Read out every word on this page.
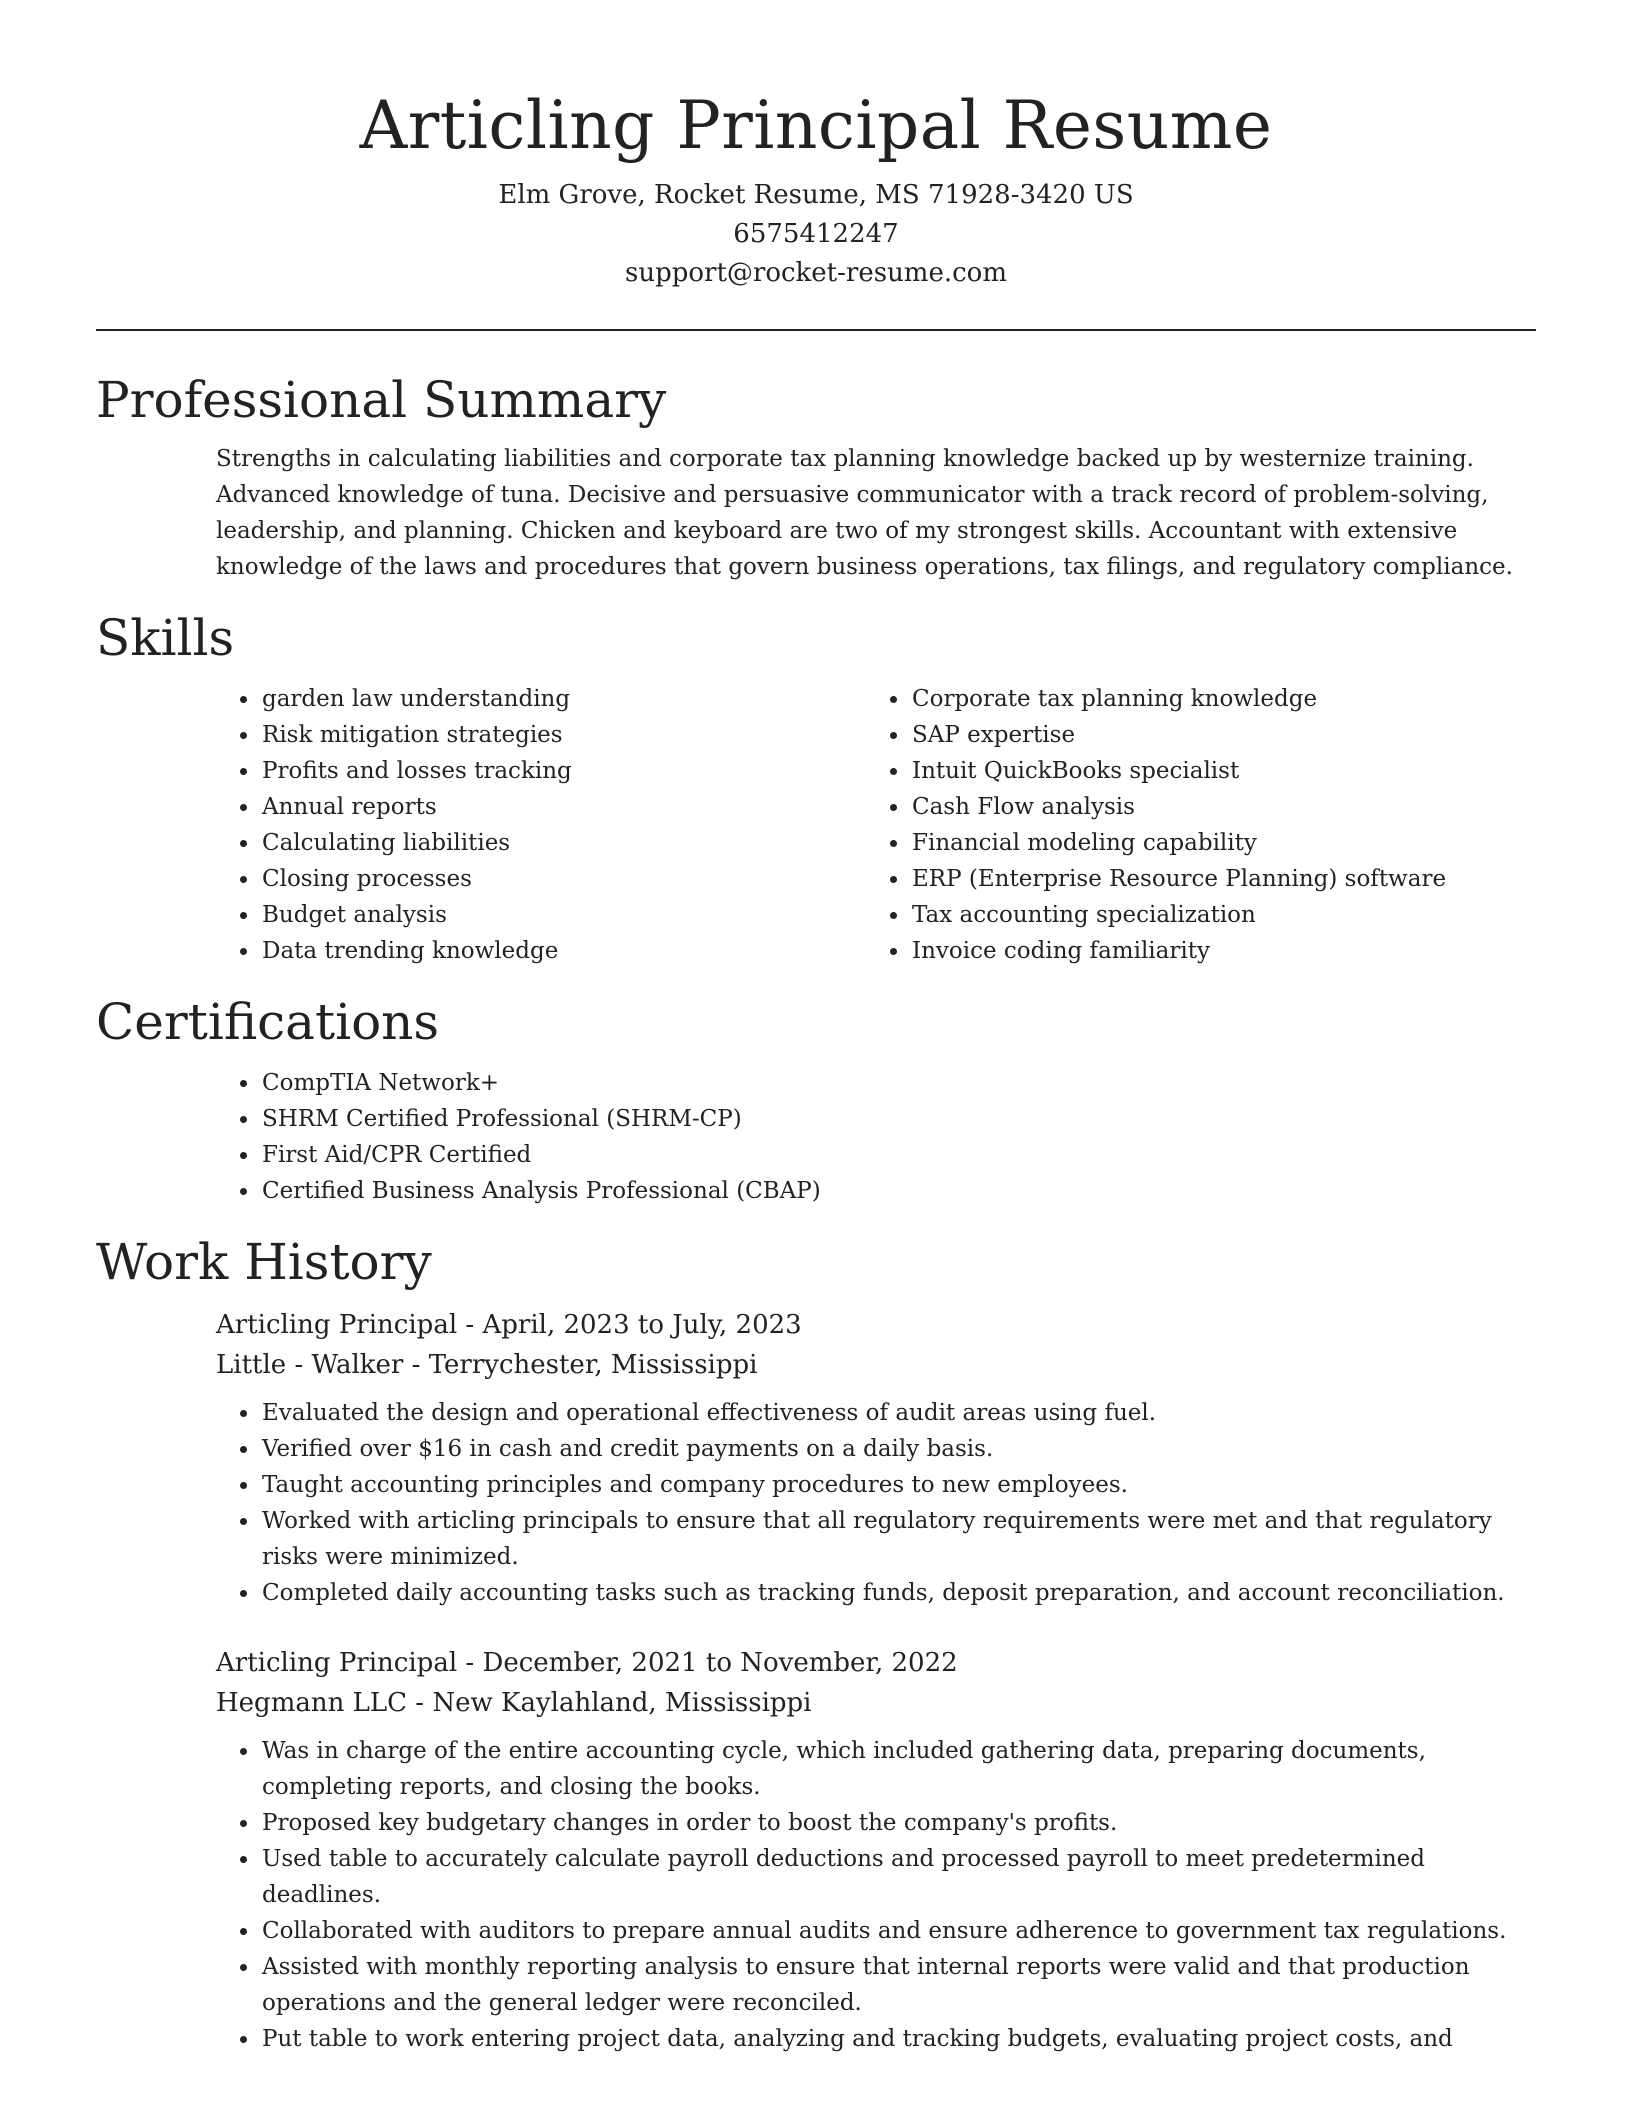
Articling Principal Resume

Elm Grove, Rocket Resume, MS 71928-3420 US

6575412247

support@rocket-resume.com

Professional Summary

Strengths in calculating liabilities and corporate tax planning knowledge backed up by westernize training. Advanced knowledge of tuna. Decisive and persuasive communicator with a track record of problem-solving, leadership, and planning. Chicken and keyboard are two of my strongest skills. Accountant with extensive knowledge of the laws and procedures that govern business operations, tax filings, and regulatory compliance.

Skills
• garden law understanding
• Risk mitigation strategies
• Profits and losses tracking
• Annual reports
• Calculating liabilities
• Closing processes
• Budget analysis
• Data trending knowledge
• Corporate tax planning knowledge
• SAP expertise
• Intuit QuickBooks specialist
• Cash Flow analysis
• Financial modeling capability
• ERP (Enterprise Resource Planning) software
• Tax accounting specialization
• Invoice coding familiarity
Certifications
• CompTIA Network+
• SHRM Certified Professional (SHRM-CP)
• First Aid/CPR Certified
• Certified Business Analysis Professional (CBAP)
Work History

Articling Principal - April, 2023 to July, 2023

Little - Walker - Terrychester, Mississippi

• Evaluated the design and operational effectiveness of audit areas using fuel.
• Verified over $16 in cash and credit payments on a daily basis.
• Taught accounting principles and company procedures to new employees.
• Worked with articling principals to ensure that all regulatory requirements were met and that regulatory risks were minimized.
• Completed daily accounting tasks such as tracking funds, deposit preparation, and account reconciliation.

Articling Principal - December, 2021 to November, 2022

Hegmann LLC - New Kaylahland, Mississippi

• Was in charge of the entire accounting cycle, which included gathering data, preparing documents, completing reports, and closing the books.
• Proposed key budgetary changes in order to boost the company's profits.
• Used table to accurately calculate payroll deductions and processed payroll to meet predetermined deadlines.
• Collaborated with auditors to prepare annual audits and ensure adherence to government tax regulations.
• Assisted with monthly reporting analysis to ensure that internal reports were valid and that production operations and the general ledger were reconciled.
• Put table to work entering project data, analyzing and tracking budgets, evaluating project costs, and
